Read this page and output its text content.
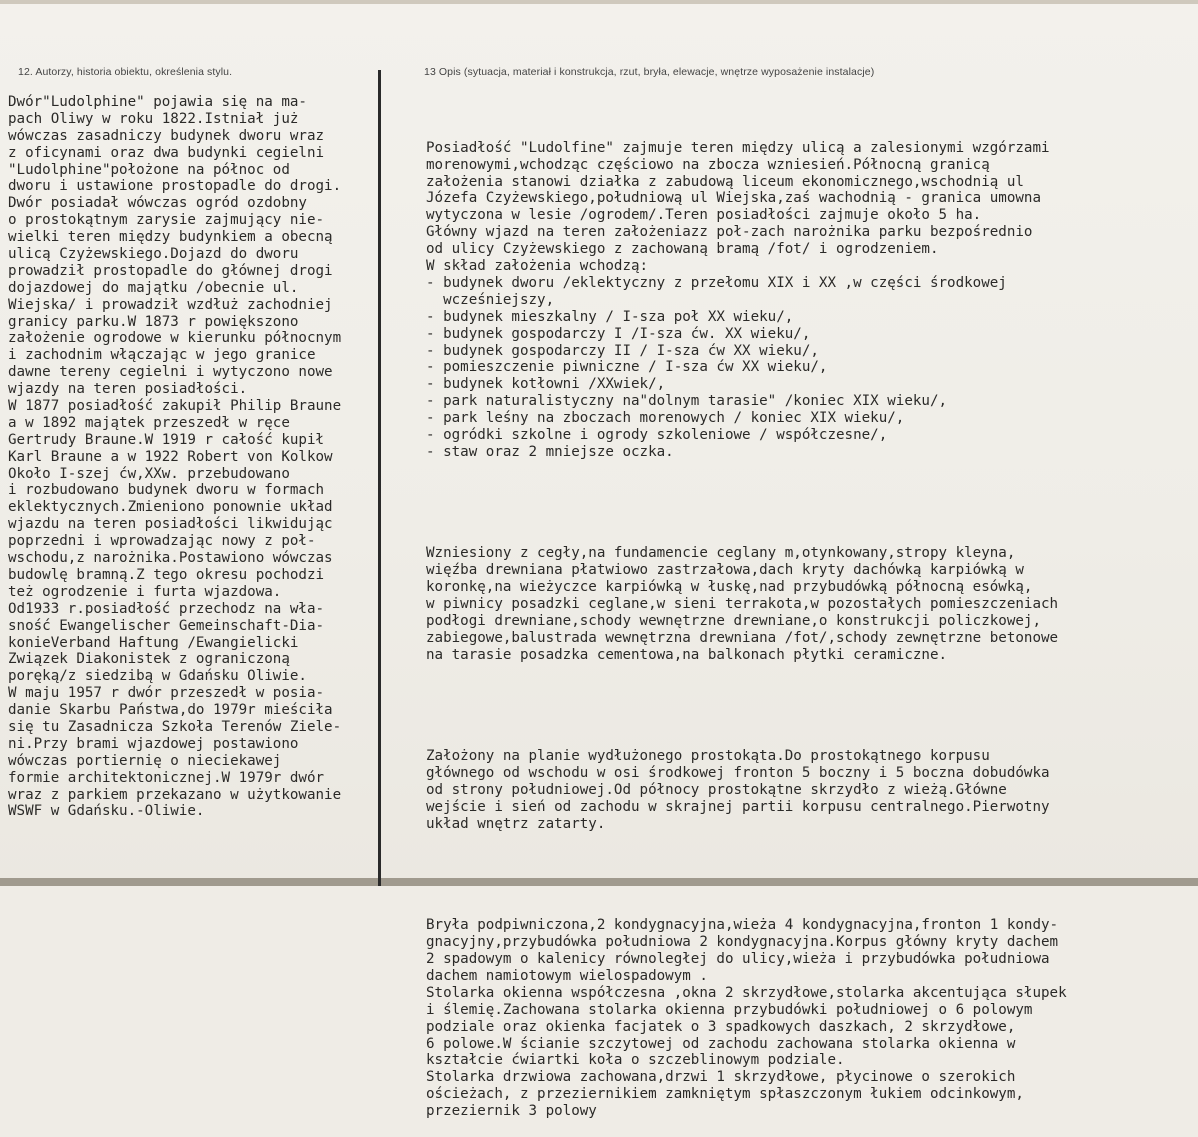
12. Autorzy, historia obiektu, określenia stylu.	13 Opis (sytuacja, materiał i konstrukcja, rzut, bryła, elewacje, wnętrze wyposażenie instalacje)
Dwór"Ludolphine" pojawia się na ma-
pach Oliwy w roku 1822.Istniał już
wówczas zasadniczy budynek dworu wraz
z oficynami oraz dwa budynki cegielni
"Ludolphine"położone na północ od
dworu i ustawione prostopadle do drogi.
Dwór posiadał wówczas ogród ozdobny
o prostokątnym zarysie zajmujący nie-
wielki teren między budynkiem a obecną
ulicą Czyżewskiego.Dojazd do dworu
prowadził prostopadle do głównej drogi
dojazdowej do majątku /obecnie ul.
Wiejska/ i prowadził wzdłuż zachodniej
granicy parku.W 1873 r powiększono
założenie ogrodowe w kierunku północnym
i zachodnim włączając w jego granice
dawne tereny cegielni i wytyczono nowe
wjazdy na teren posiadłości.
W 1877 posiadłość zakupił Philip Braune
a w 1892 majątek przeszedł w ręce
Gertrudy Braune.W 1919 r całość kupił
Karl Braune a w 1922 Robert von Kolkow
Około I-szej ćw,XXw. przebudowano
i rozbudowano budynek dworu w formach
eklektycznych.Zmieniono ponownie układ
wjazdu na teren posiadłości likwidując
poprzedni i wprowadzając nowy z poł-
wschodu,z narożnika.Postawiono wówczas
budowlę bramną.Z tego okresu pochodzi
też ogrodzenie i furta wjazdowa.
Od1933 r.posiadłość przechodz na wła-
sność Ewangelischer Gemeinschaft-Dia-
konieVerband Haftung /Ewangielicki
Związek Diakonistek z ograniczoną
poręką/z siedzibą w Gdańsku Oliwie.
W maju 1957 r dwór przeszedł w posia-
danie Skarbu Państwa,do 1979r mieściła
się tu Zasadnicza Szkoła Terenów Ziele-
ni.Przy brami wjazdowej postawiono
wówczas portiernię o nieciekawej
formie architektonicznej.W 1979r dwór
wraz z parkiem przekazano w użytkowanie
WSWF w Gdańsku.-Oliwie.

Posiadłość "Ludolfine" zajmuje teren między ulicą a zalesionymi wzgórzami
morenowymi,wchodząc częściowo na zbocza wzniesień.Północną granicą
założenia stanowi działka z zabudową liceum ekonomicznego,wschodnią ul
Józefa Czyżewskiego,południową ul Wiejska,zaś wachodnią - granica umowna
wytyczona w lesie /ogrodem/.Teren posiadłości zajmuje około 5 ha.
Główny wjazd na teren założeniazz poł-zach narożnika parku bezpośrednio
od ulicy Czyżewskiego z zachowaną bramą /fot/ i ogrodzeniem.
W skład założenia wchodzą:
- budynek dworu /eklektyczny z przełomu XIX i XX ,w części środkowej
wcześniejszy,
- budynek mieszkalny / I-sza poł XX wieku/,
- budynek gospodarczy I /I-sza ćw. XX wieku/,
- budynek gospodarczy II / I-sza ćw XX wieku/,
- pomieszczenie piwniczne / I-sza ćw XX wieku/,
- budynek kotłowni /XXwiek/,
- park naturalistyczny na"dolnym tarasie" /koniec XIX wieku/,
- park leśny na zboczach morenowych / koniec XIX wieku/,
- ogródki szkolne i ogrody szkoleniowe / współczesne/,
- staw oraz 2 mniejsze oczka.

Wzniesiony z cegły,na fundamencie ceglany m,otynkowany,stropy kleyna,
więźba drewniana płatwiowo zastrzałowa,dach kryty dachówką karpiówką w
koronkę,na wieżyczce karpiówką w łuskę,nad przybudówką północną esówką,
w piwnicy posadzki ceglane,w sieni terrakota,w pozostałych pomieszczeniach
podłogi drewniane,schody wewnętrzne drewniane,o konstrukcji policzkowej,
zabiegowe,balustrada wewnętrzna drewniana /fot/,schody zewnętrzne betonowe
na tarasie posadzka cementowa,na balkonach płytki ceramiczne.

Założony na planie wydłużonego prostokąta.Do prostokątnego korpusu
głównego od wschodu w osi środkowej fronton 5 boczny i 5 boczna dobudówka
od strony południowej.Od północy prostokątne skrzydło z wieżą.Główne
wejście i sień od zachodu w skrajnej partii korpusu centralnego.Pierwotny
układ wnętrz zatarty.

Bryła podpiwniczona,2 kondygnacyjna,wieża 4 kondygnacyjna,fronton 1 kondy-
gnacyjny,przybudówka południowa 2 kondygnacyjna.Korpus główny kryty dachem
2 spadowym o kalenicy równoległej do ulicy,wieża i przybudówka południowa
dachem namiotowym wielospadowym .
Stolarka okienna współczesna ,okna 2 skrzydłowe,stolarka akcentująca słupek
i ślemię.Zachowana stolarka okienna przybudówki południowej o 6 polowym
podziale oraz okienka facjatek o 3 spadkowych daszkach, 2 skrzydłowe,
6 polowe.W ścianie szczytowej od zachodu zachowana stolarka okienna w
kształcie ćwiartki koła o szczeblinowym podziale.
Stolarka drzwiowa zachowana,drzwi 1 skrzydłowe, płycinowe o szerokich
ościeżach, z przeziernikiem zamkniętym spłaszczonym łukiem odcinkowym,
przeziernik 3 polowy
